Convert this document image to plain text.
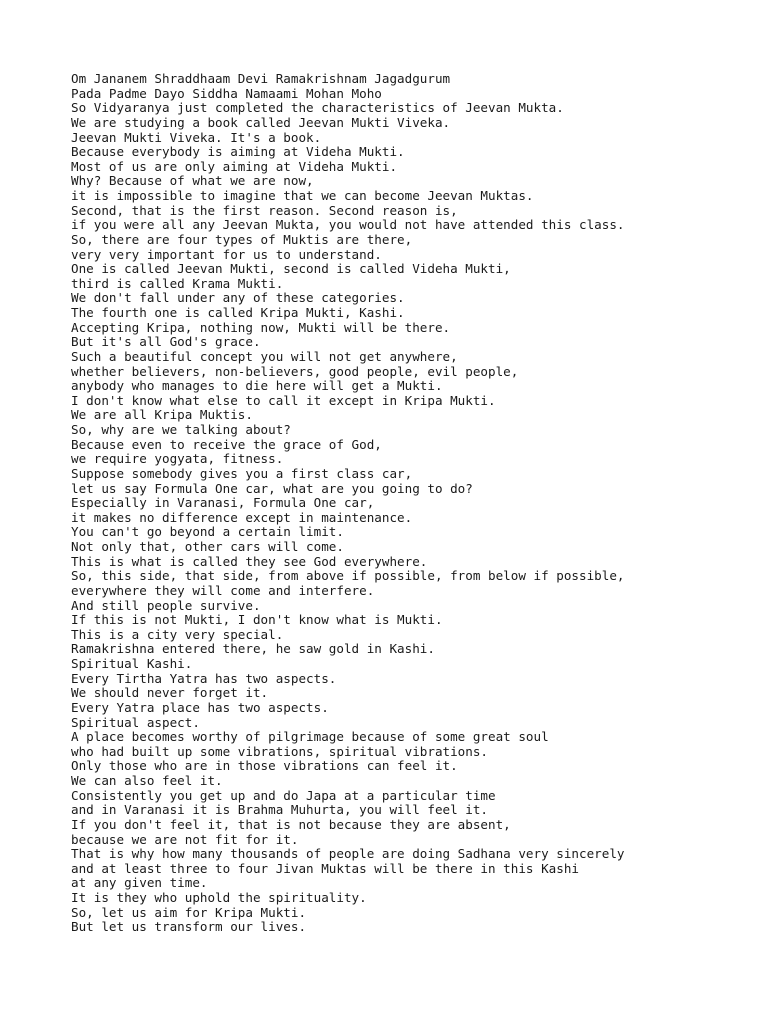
Om Jananem Shraddhaam Devi Ramakrishnam Jagadgurum
Pada Padme Dayo Siddha Namaami Mohan Moho
So Vidyaranya just completed the characteristics of Jeevan Mukta.
We are studying a book called Jeevan Mukti Viveka.
Jeevan Mukti Viveka. It's a book.
Because everybody is aiming at Videha Mukti.
Most of us are only aiming at Videha Mukti.
Why? Because of what we are now,
it is impossible to imagine that we can become Jeevan Muktas.
Second, that is the first reason. Second reason is,
if you were all any Jeevan Mukta, you would not have attended this class.
So, there are four types of Muktis are there,
very very important for us to understand.
One is called Jeevan Mukti, second is called Videha Mukti,
third is called Krama Mukti.
We don't fall under any of these categories.
The fourth one is called Kripa Mukti, Kashi.
Accepting Kripa, nothing now, Mukti will be there.
But it's all God's grace.
Such a beautiful concept you will not get anywhere,
whether believers, non-believers, good people, evil people,
anybody who manages to die here will get a Mukti.
I don't know what else to call it except in Kripa Mukti.
We are all Kripa Muktis.
So, why are we talking about?
Because even to receive the grace of God,
we require yogyata, fitness.
Suppose somebody gives you a first class car,
let us say Formula One car, what are you going to do?
Especially in Varanasi, Formula One car,
it makes no difference except in maintenance.
You can't go beyond a certain limit.
Not only that, other cars will come.
This is what is called they see God everywhere.
So, this side, that side, from above if possible, from below if possible,
everywhere they will come and interfere.
And still people survive.
If this is not Mukti, I don't know what is Mukti.
This is a city very special.
Ramakrishna entered there, he saw gold in Kashi.
Spiritual Kashi.
Every Tirtha Yatra has two aspects.
We should never forget it.
Every Yatra place has two aspects.
Spiritual aspect.
A place becomes worthy of pilgrimage because of some great soul
who had built up some vibrations, spiritual vibrations.
Only those who are in those vibrations can feel it.
We can also feel it.
Consistently you get up and do Japa at a particular time
and in Varanasi it is Brahma Muhurta, you will feel it.
If you don't feel it, that is not because they are absent,
because we are not fit for it.
That is why how many thousands of people are doing Sadhana very sincerely
and at least three to four Jivan Muktas will be there in this Kashi
at any given time.
It is they who uphold the spirituality.
So, let us aim for Kripa Mukti.
But let us transform our lives.
